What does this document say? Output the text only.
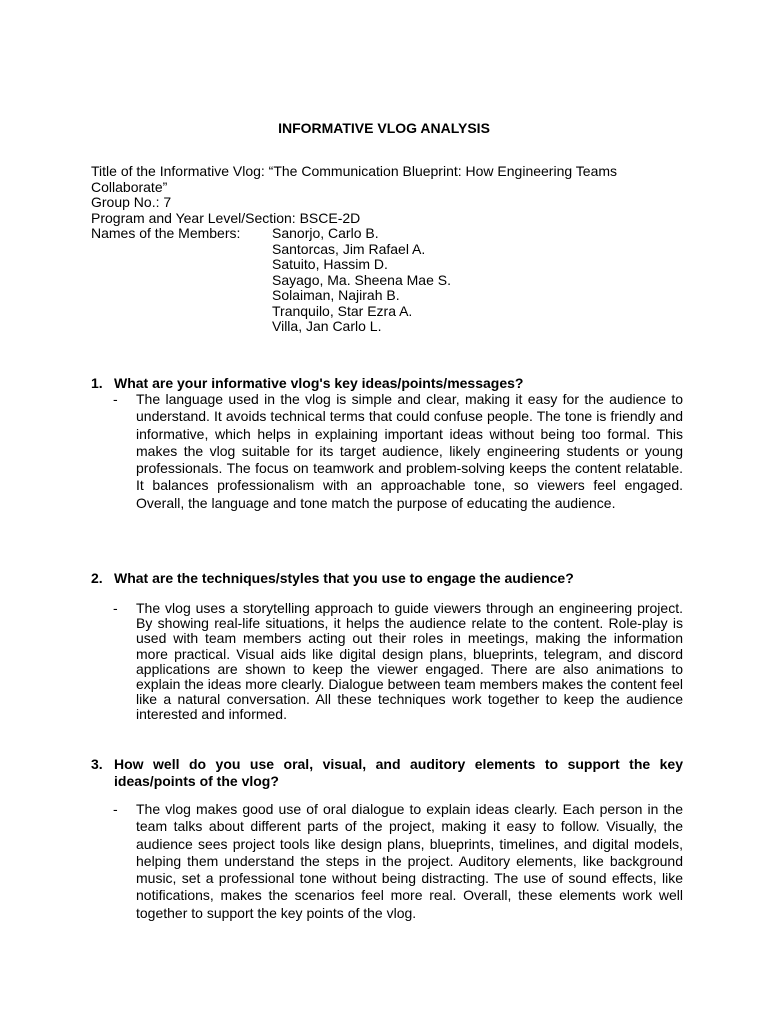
INFORMATIVE VLOG ANALYSIS

Title of the Informative Vlog: “The Communication Blueprint: How Engineering Teams Collaborate”

Group No.: 7

Program and Year Level/Section: BSCE-2D

Names of the Members:	Sanorjo, Carlo B.
Santorcas, Jim Rafael A.
Satuito, Hassim D.
Sayago, Ma. Sheena Mae S.
Solaiman, Najirah B.
Tranquilo, Star Ezra A.
Villa, Jan Carlo L.
1. What are your informative vlog's key ideas/points/messages?
-	The language used in the vlog is simple and clear, making it easy for the audience to understand. It avoids technical terms that could confuse people. The tone is friendly and informative, which helps in explaining important ideas without being too formal. This makes the vlog suitable for its target audience, likely engineering students or young professionals. The focus on teamwork and problem-solving keeps the content relatable. It balances professionalism with an approachable tone, so viewers feel engaged. Overall, the language and tone match the purpose of educating the audience.
2. What are the techniques/styles that you use to engage the audience?
-	The vlog uses a storytelling approach to guide viewers through an engineering project. By showing real-life situations, it helps the audience relate to the content. Role-play is used with team members acting out their roles in meetings, making the information more practical. Visual aids like digital design plans, blueprints, telegram, and discord applications are shown to keep the viewer engaged. There are also animations to explain the ideas more clearly. Dialogue between team members makes the content feel like a natural conversation. All these techniques work together to keep the audience interested and informed.
3. How well do you use oral, visual, and auditory elements to support the key ideas/points of the vlog?
-	The vlog makes good use of oral dialogue to explain ideas clearly. Each person in the team talks about different parts of the project, making it easy to follow. Visually, the audience sees project tools like design plans, blueprints, timelines, and digital models, helping them understand the steps in the project. Auditory elements, like background music, set a professional tone without being distracting. The use of sound effects, like notifications, makes the scenarios feel more real. Overall, these elements work well together to support the key points of the vlog.
